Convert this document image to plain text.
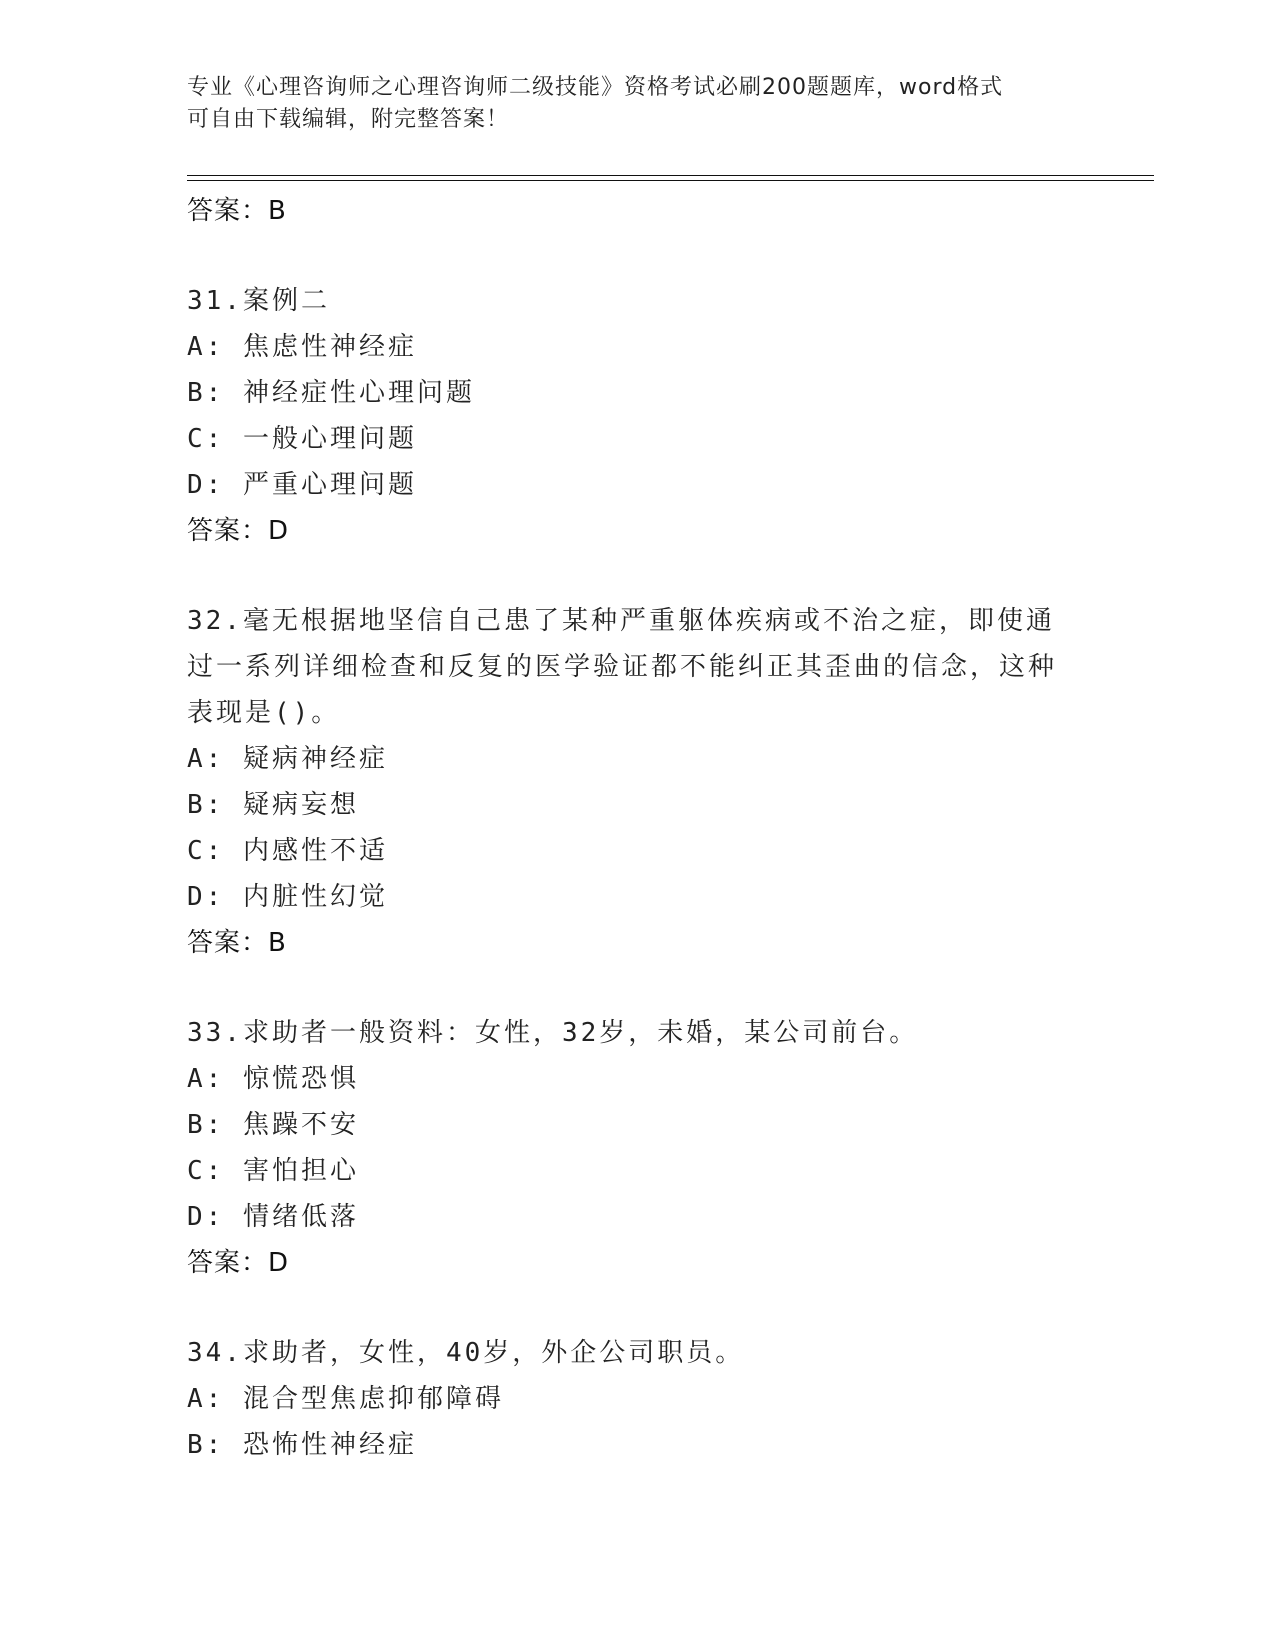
专业《心理咨询师之心理咨询师二级技能》资格考试必刷200题题库，word格式
可自由下载编辑，附完整答案！
答案：B
31.案例二
A: 焦虑性神经症
B: 神经症性心理问题
C: 一般心理问题
D: 严重心理问题
答案：D
32.毫无根据地坚信自己患了某种严重躯体疾病或不治之症，即使通过一系列详细检查和反复的医学验证都不能纠正其歪曲的信念，这种表现是()。
A: 疑病神经症
B: 疑病妄想
C: 内感性不适
D: 内脏性幻觉
答案：B
33.求助者一般资料：女性，32岁，未婚，某公司前台。
A: 惊慌恐惧
B: 焦躁不安
C: 害怕担心
D: 情绪低落
答案：D
34.求助者，女性，40岁，外企公司职员。
A: 混合型焦虑抑郁障碍
B: 恐怖性神经症
